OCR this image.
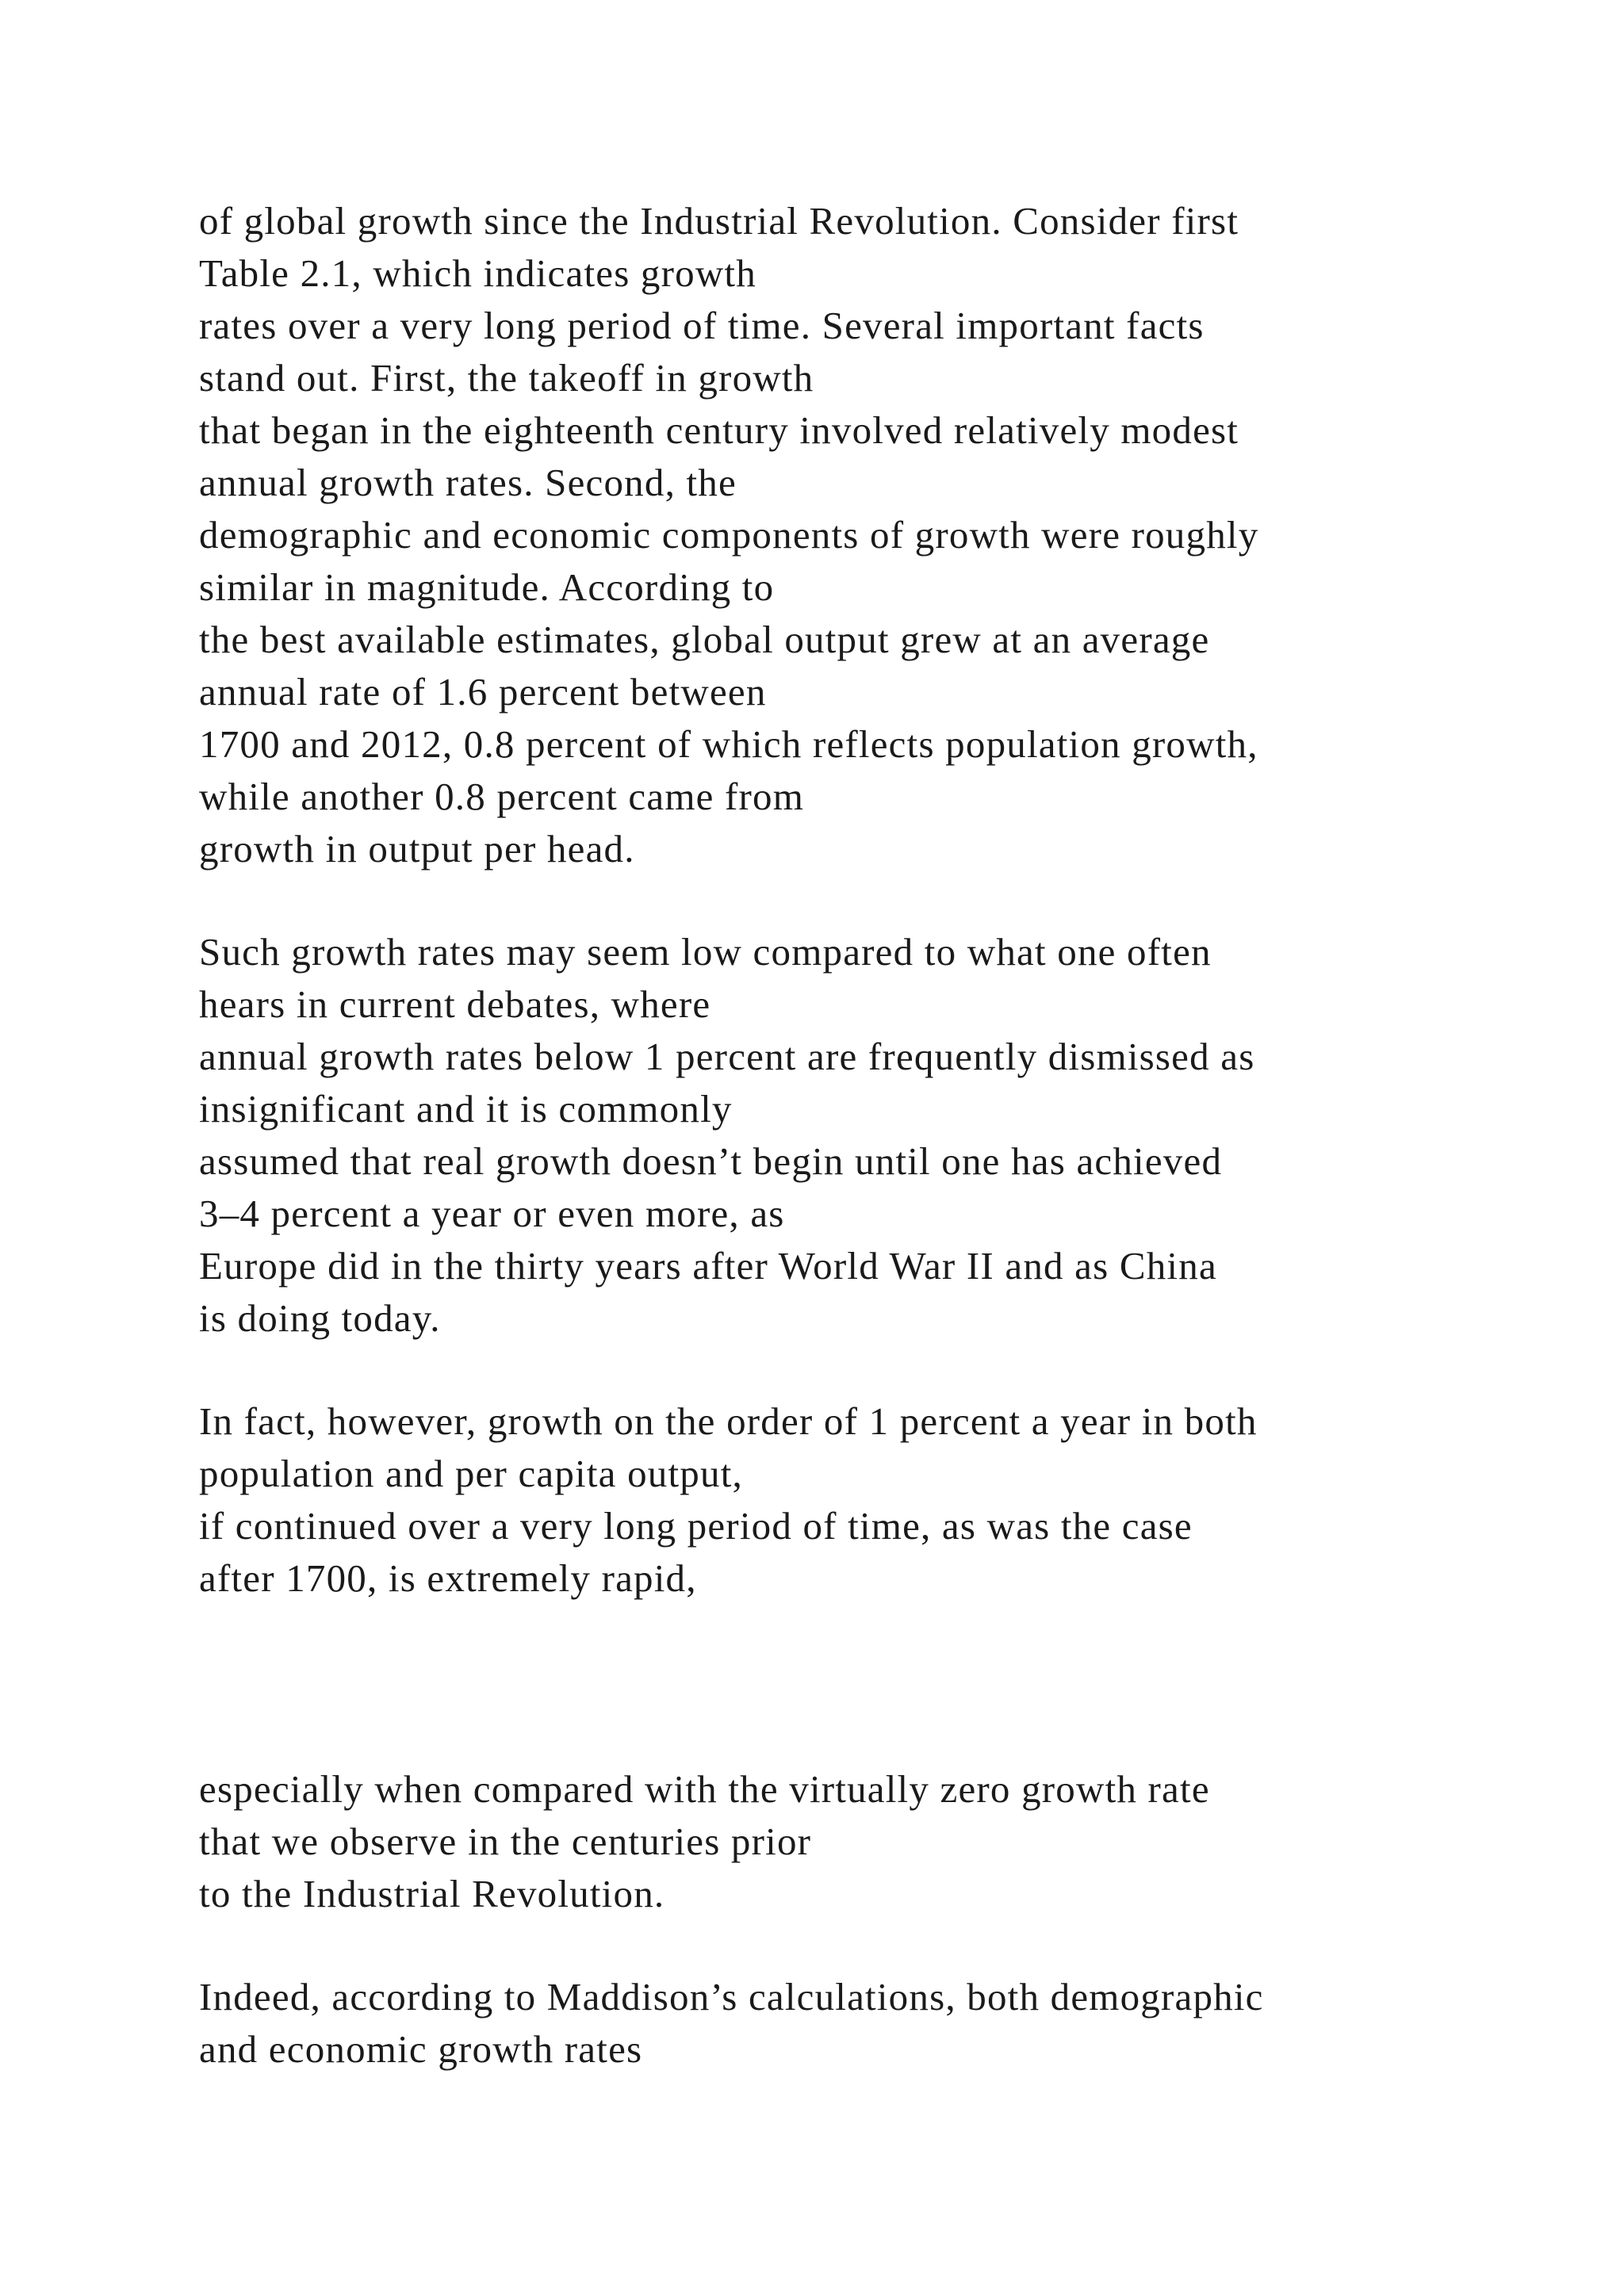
of global growth since the Industrial Revolution. Consider first
Table 2.1, which indicates growth
rates over a very long period of time. Several important facts
stand out. First, the takeoff in growth
that began in the eighteenth century involved relatively modest
annual growth rates. Second, the
demographic and economic components of growth were roughly
similar in magnitude. According to
the best available estimates, global output grew at an average
annual rate of 1.6 percent between
1700 and 2012, 0.8 percent of which reflects population growth,
while another 0.8 percent came from
growth in output per head.
Such growth rates may seem low compared to what one often
hears in current debates, where
annual growth rates below 1 percent are frequently dismissed as
insignificant and it is commonly
assumed that real growth doesn’t begin until one has achieved
3–4 percent a year or even more, as
Europe did in the thirty years after World War II and as China
is doing today.
In fact, however, growth on the order of 1 percent a year in both
population and per capita output,
if continued over a very long period of time, as was the case
after 1700, is extremely rapid,
especially when compared with the virtually zero growth rate
that we observe in the centuries prior
to the Industrial Revolution.
Indeed, according to Maddison’s calculations, both demographic
and economic growth rates
